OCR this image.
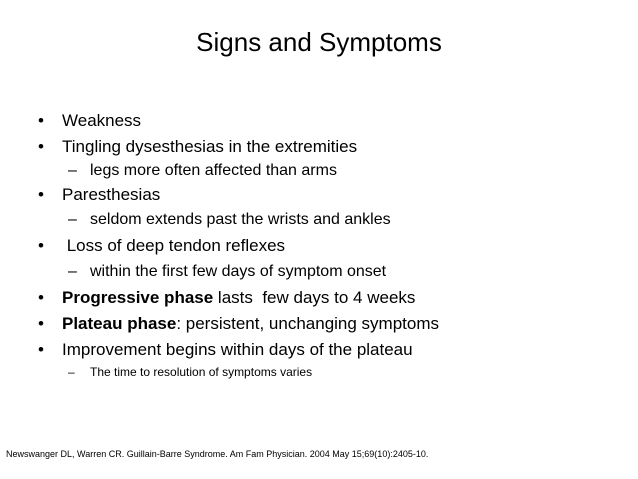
Signs and Symptoms
• Weakness
• Tingling dysesthesias in the extremities
– legs more often affected than arms
• Paresthesias
– seldom extends past the wrists and ankles
• Loss of deep tendon reflexes
– within the first few days of symptom onset
• Progressive phase lasts  few days to 4 weeks
• Plateau phase: persistent, unchanging symptoms
• Improvement begins within days of the plateau
– The time to resolution of symptoms varies
Newswanger DL, Warren CR. Guillain-Barre Syndrome. Am Fam Physician. 2004 May 15;69(10):2405-10.
